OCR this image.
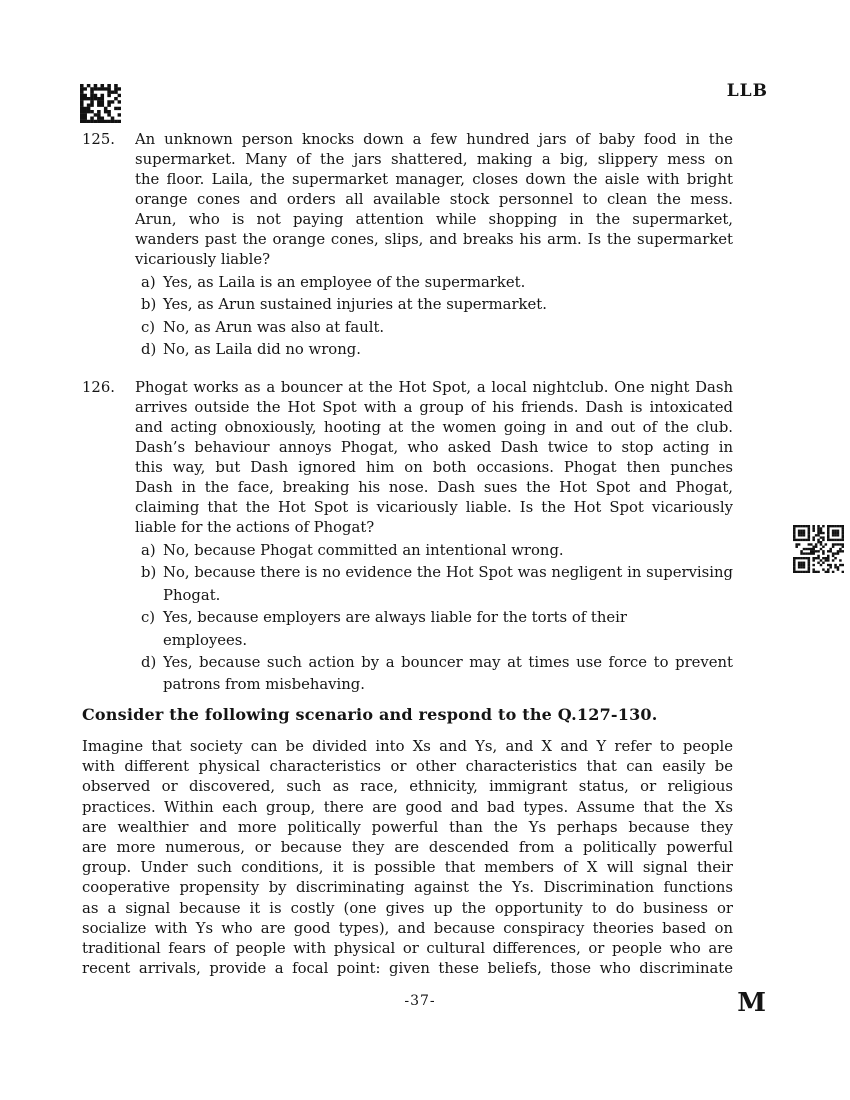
LLB
Consider the following scenario and respond to the Q.127-130.
Imagine that society can be divided into Xs and Ys, and X and Y refer to people
with different physical characteristics or other characteristics that can easily be
observed or discovered, such as race, ethnicity, immigrant status, or religious
practices. Within each group, there are good and bad types. Assume that the Xs
are wealthier and more politically powerful than the Ys perhaps because they
are more numerous, or because they are descended from a politically powerful
group. Under such conditions, it is possible that members of X will signal their
cooperative propensity by discriminating against the Ys. Discrimination functions
as a signal because it is costly (one gives up the opportunity to do business or
socialize with Ys who are good types), and because conspiracy theories based on
traditional fears of people with physical or cultural differences, or people who are
recent arrivals, provide a focal point: given these beliefs, those who discriminate
-37-	M
125. An unknown person knocks down a few hundred jars of baby food in the
supermarket. Many of the jars shattered, making a big, slippery mess on
the floor. Laila, the supermarket manager, closes down the aisle with bright
orange cones and orders all available stock personnel to clean the mess.
Arun, who is not paying attention while shopping in the supermarket,
wanders past the orange cones, slips, and breaks his arm. Is the supermarket
vicariously liable?
a) Yes, as Laila is an employee of the supermarket.
b) Yes, as Arun sustained injuries at the supermarket.
c) No, as Arun was also at fault.
d) No, as Laila did no wrong.
126. Phogat works as a bouncer at the Hot Spot, a local nightclub. One night Dash
arrives outside the Hot Spot with a group of his friends. Dash is intoxicated
and acting obnoxiously, hooting at the women going in and out of the club.
Dash’s behaviour annoys Phogat, who asked Dash twice to stop acting in
this way, but Dash ignored him on both occasions. Phogat then punches
Dash in the face, breaking his nose. Dash sues the Hot Spot and Phogat,
claiming that the Hot Spot is vicariously liable. Is the Hot Spot vicariously
liable for the actions of Phogat?
a) No, because Phogat committed an intentional wrong.
b) No, because there is no evidence the Hot Spot was negligent in supervising
Phogat.
c) Yes, because employers are always liable for the torts of their
employees.
d) Yes, because such action by a bouncer may at times use force to prevent
patrons from misbehaving.
